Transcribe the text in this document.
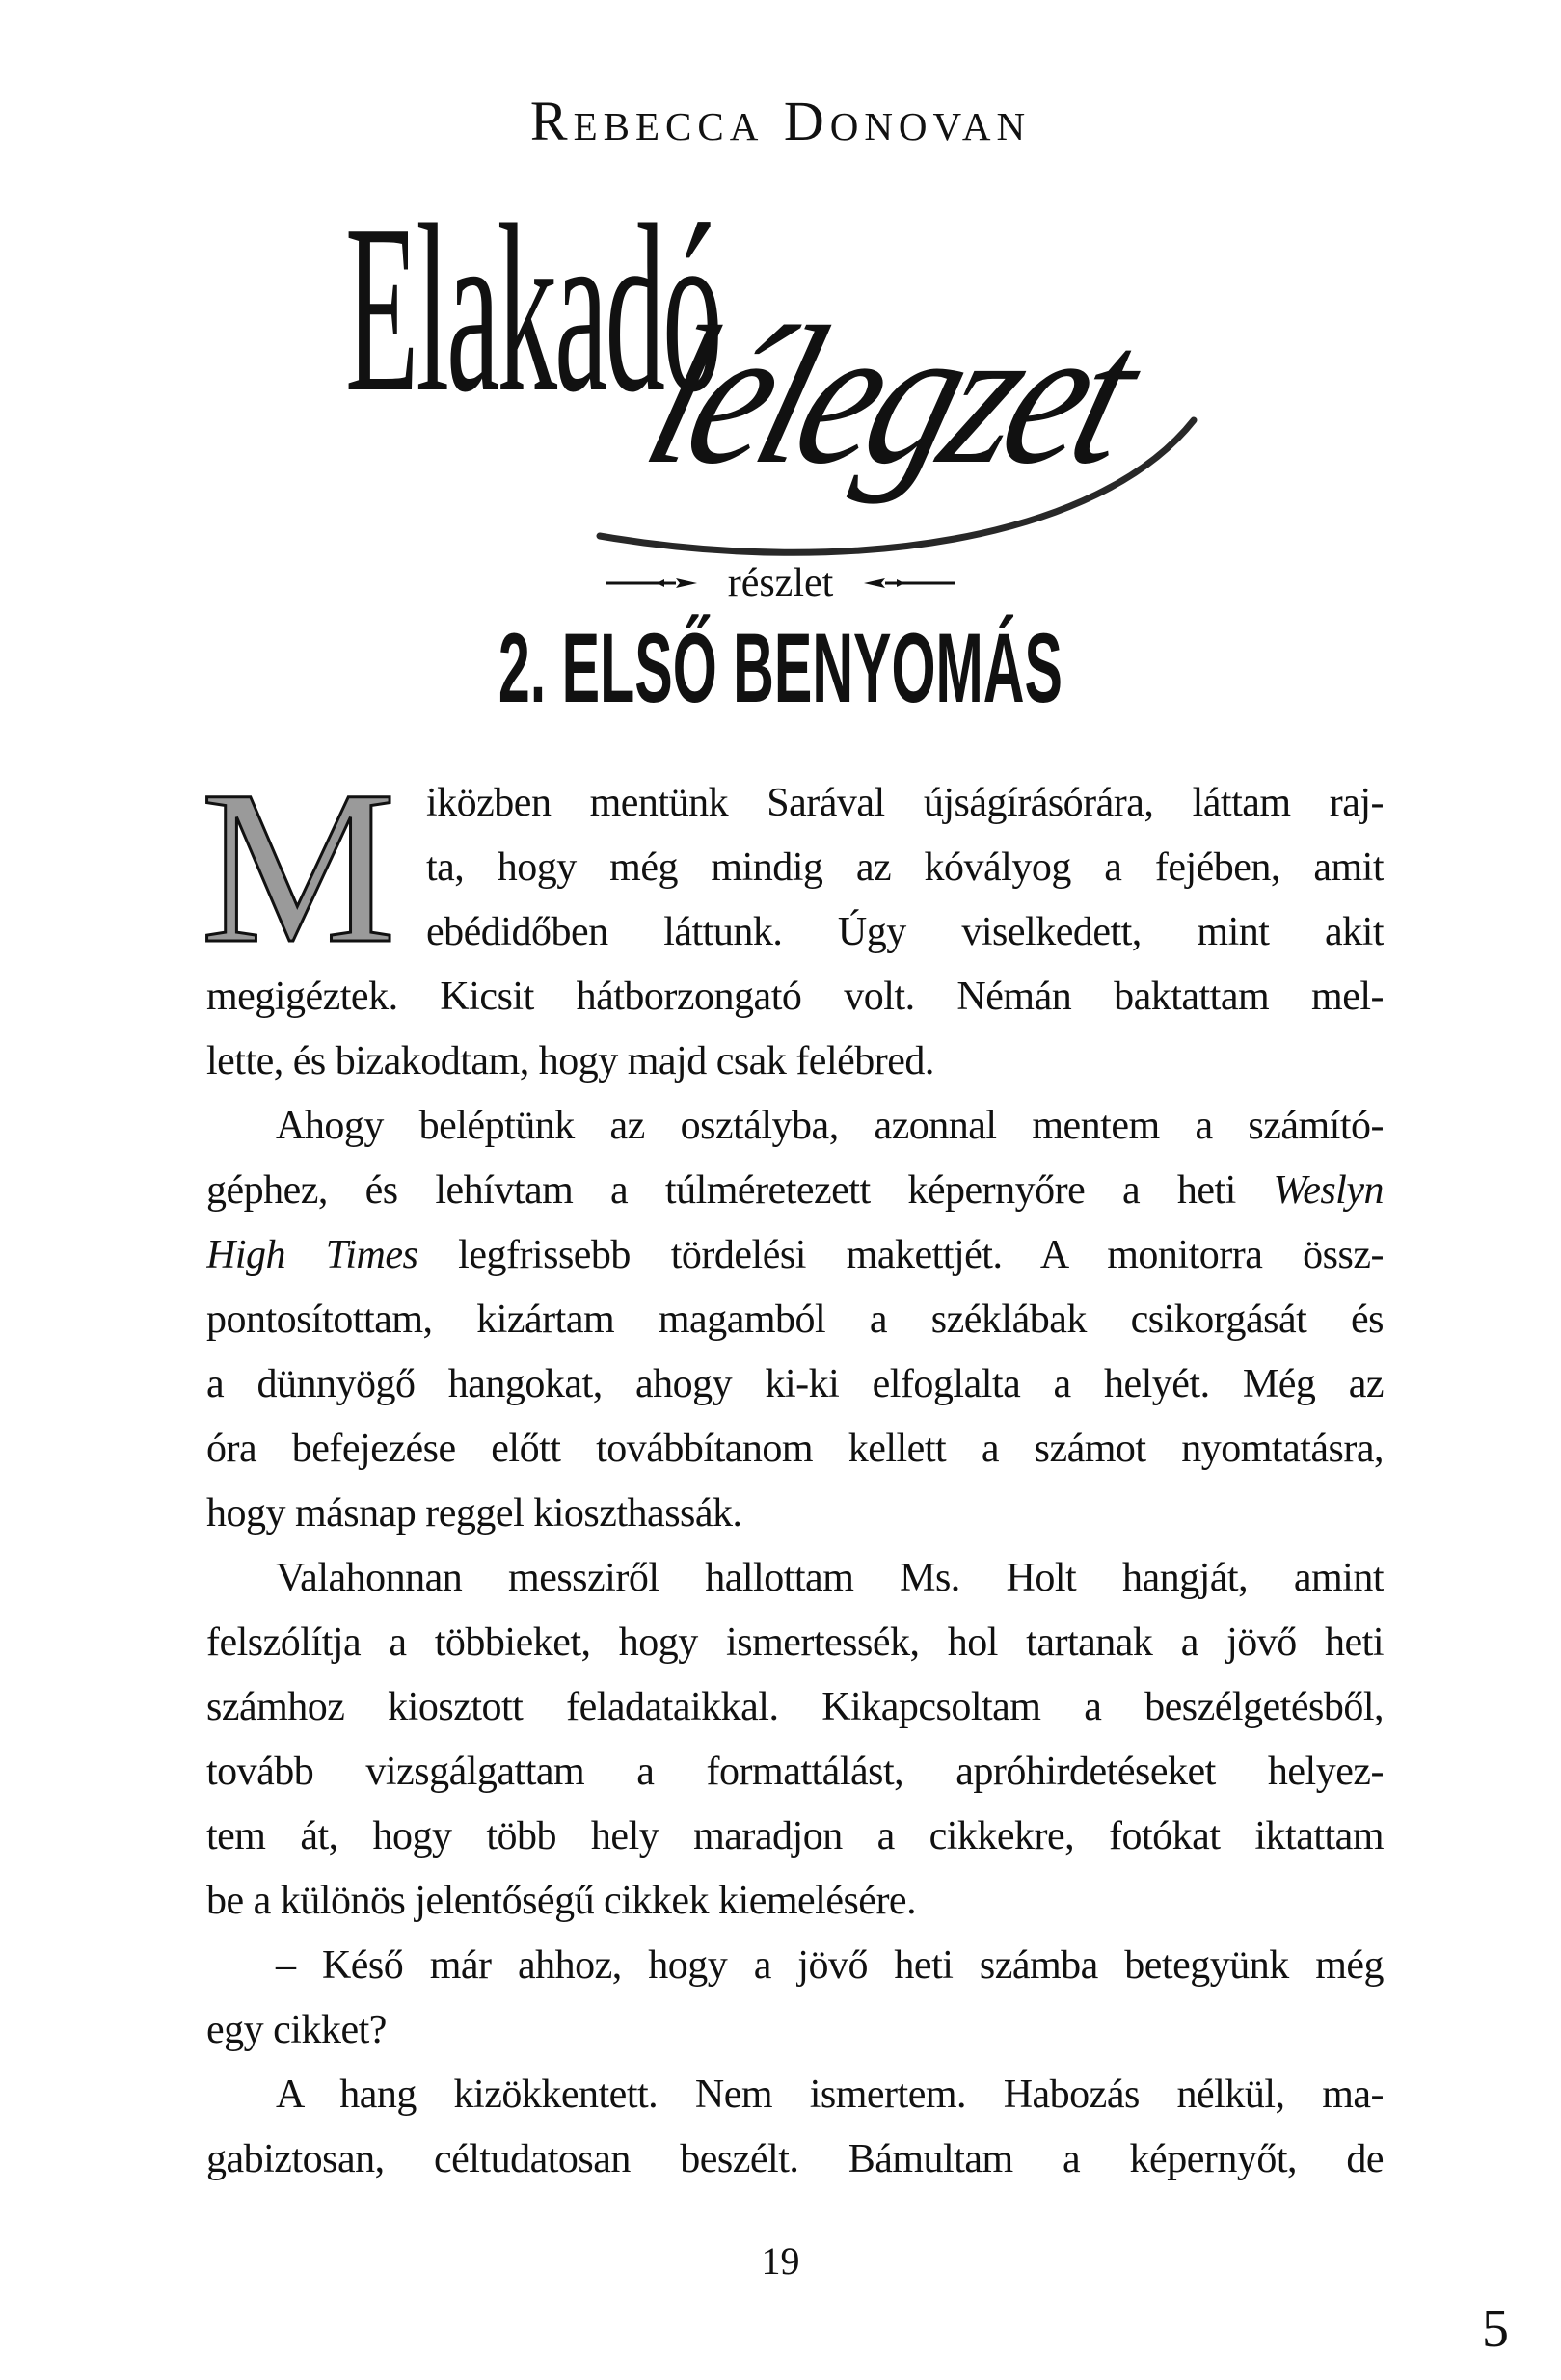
Rebecca Donovan
Elakadó
lélegzet
részlet
2. ELSŐ BENYOMÁS
M iközben mentünk Sarával újságírásórára, láttam raj-
ta, hogy még mindig az kóvályog a fejében, amit
ebédidőben láttunk. Úgy viselkedett, mint akit
megigéztek. Kicsit hátborzongató volt. Némán baktattam mel-
lette, és bizakodtam, hogy majd csak felébred.
Ahogy beléptünk az osztályba, azonnal mentem a számító-
géphez, és lehívtam a túlméretezett képernyőre a heti Weslyn
High Times legfrissebb tördelési makettjét. A monitorra össz-
pontosítottam, kizártam magamból a széklábak csikorgását és
a dünnyögő hangokat, ahogy ki-ki elfoglalta a helyét. Még az
óra befejezése előtt továbbítanom kellett a számot nyomtatásra,
hogy másnap reggel kioszthassák.
Valahonnan messziről hallottam Ms. Holt hangját, amint
felszólítja a többieket, hogy ismertessék, hol tartanak a jövő heti
számhoz kiosztott feladataikkal. Kikapcsoltam a beszélgetésből,
tovább vizsgálgattam a formattálást, apróhirdetéseket helyez-
tem át, hogy több hely maradjon a cikkekre, fotókat iktattam
be a különös jelentőségű cikkek kiemelésére.
– Késő már ahhoz, hogy a jövő heti számba betegyünk még
egy cikket?
A hang kizökkentett. Nem ismertem. Habozás nélkül, ma-
gabiztosan, céltudatosan beszélt. Bámultam a képernyőt, de
19
5
